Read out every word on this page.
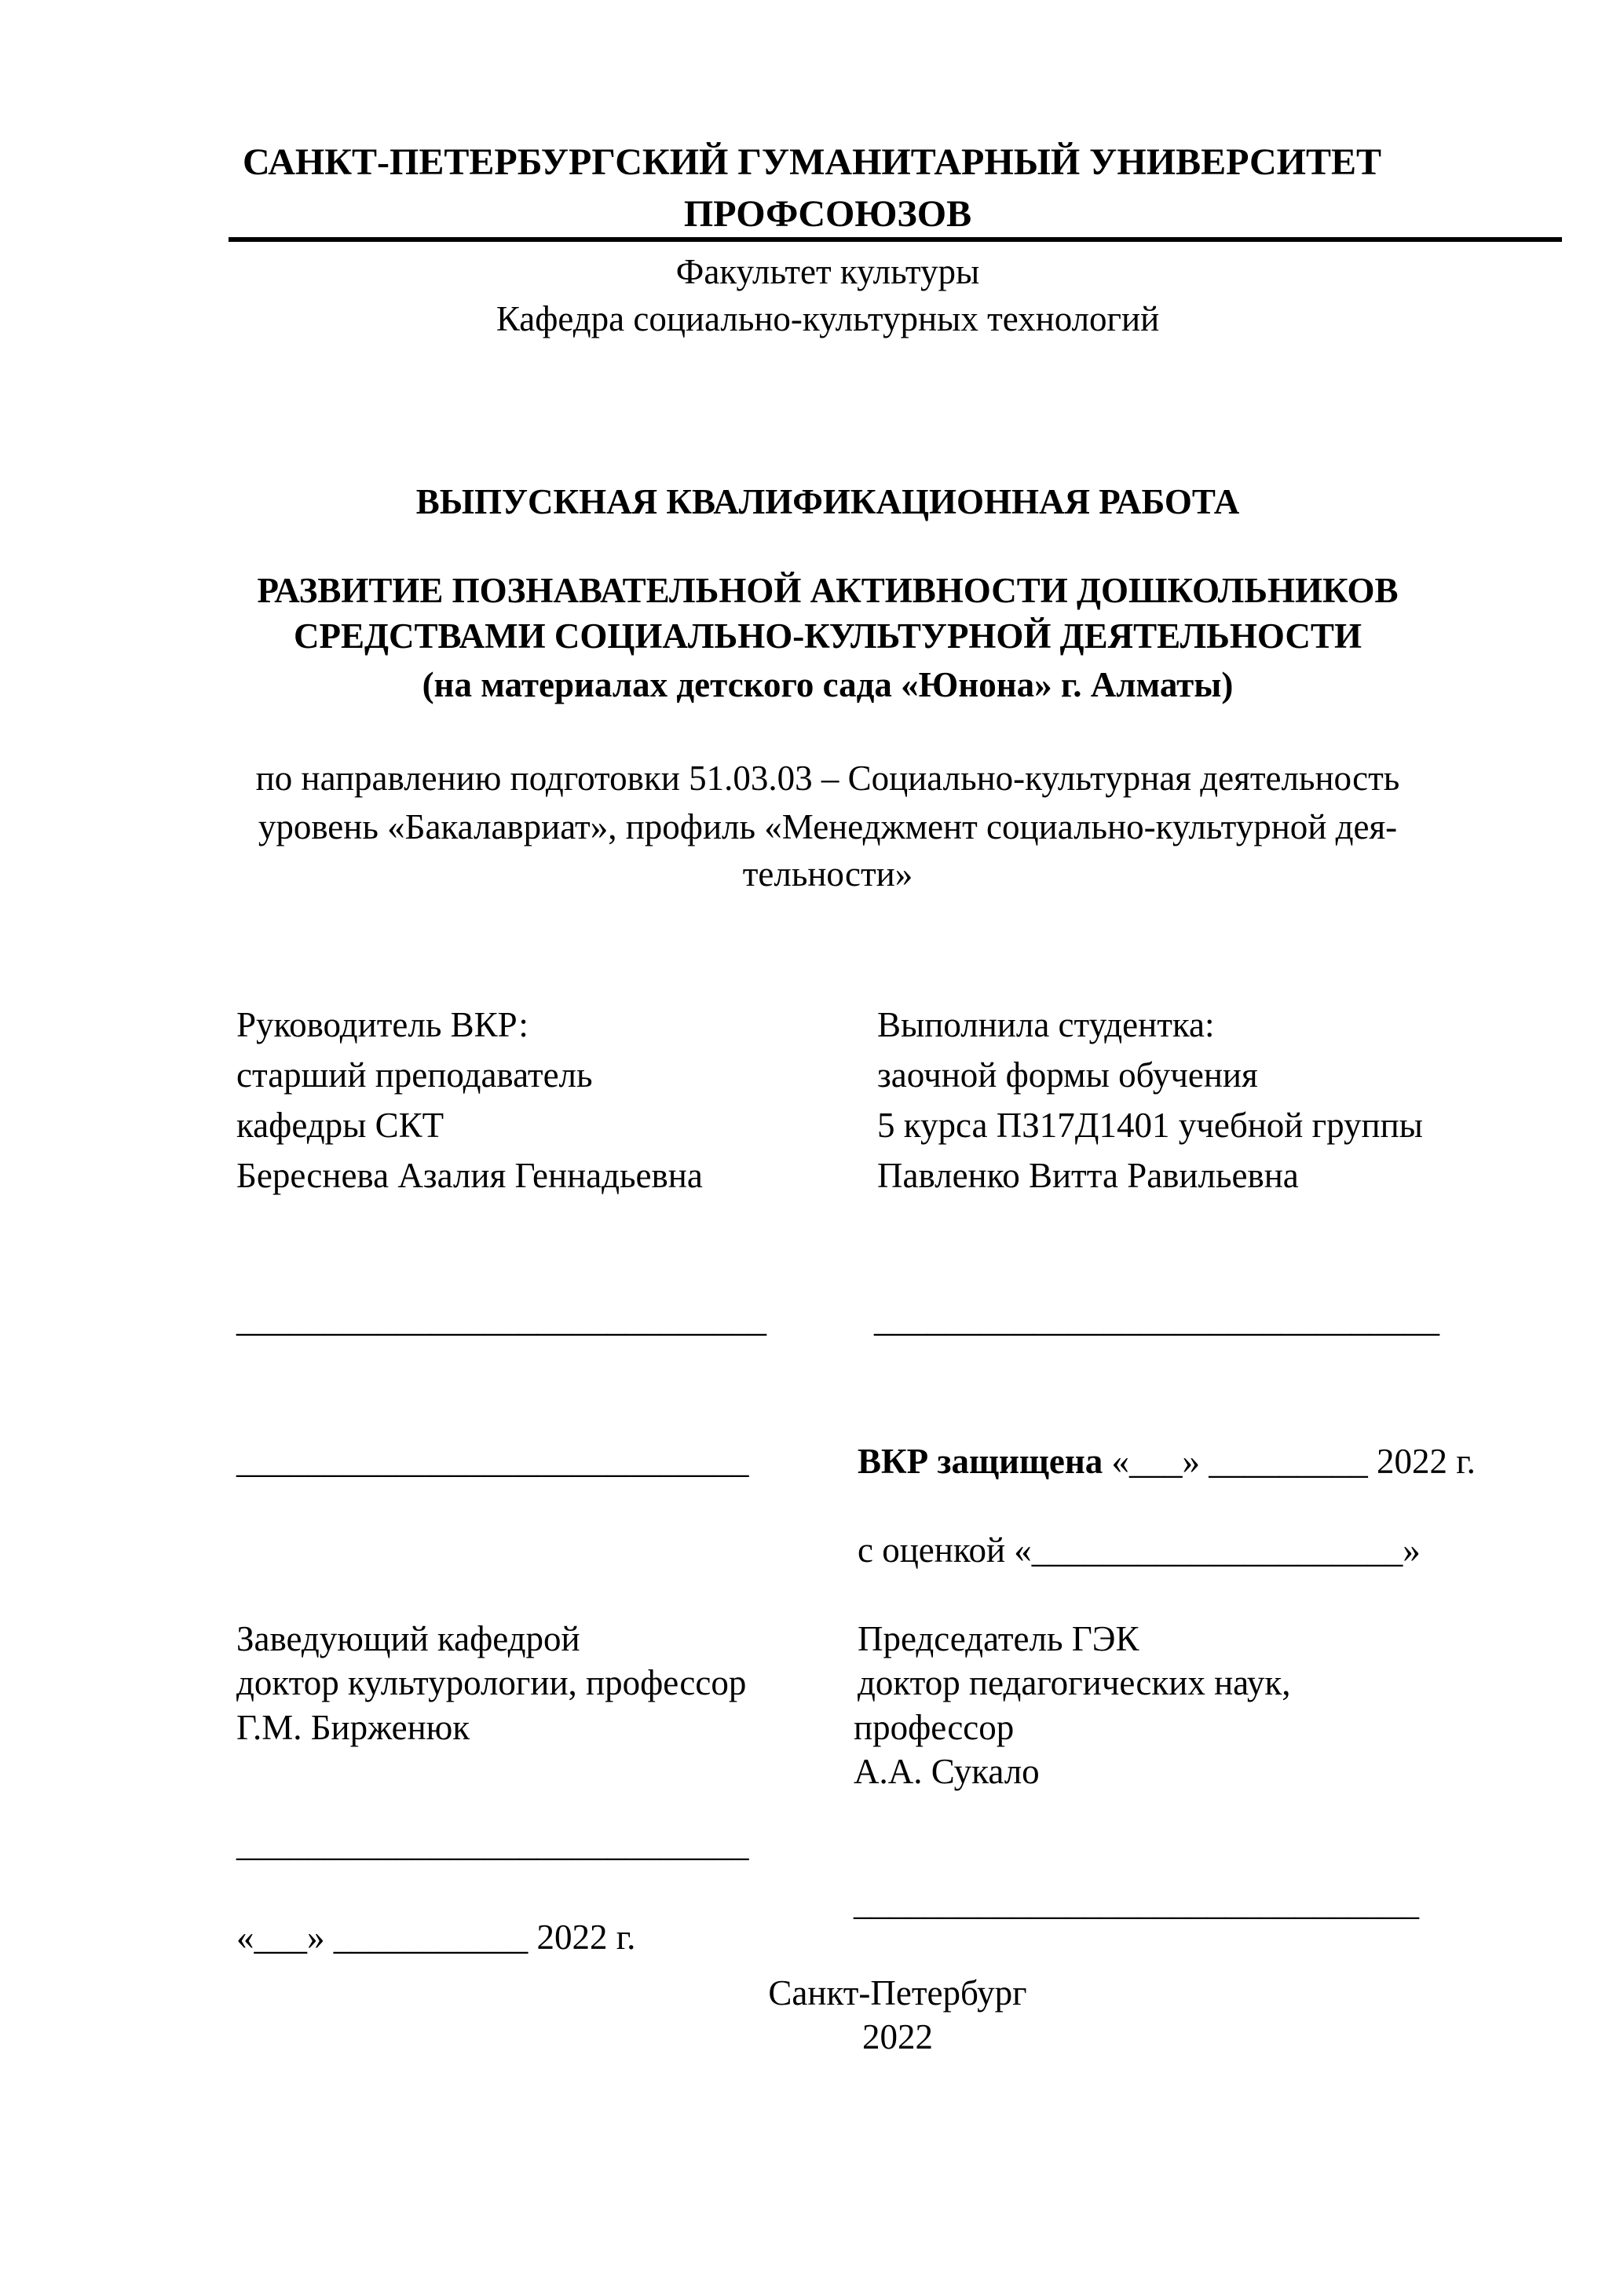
САНКТ-ПЕТЕРБУРГСКИЙ ГУМАНИТАРНЫЙ УНИВЕРСИТЕТ
ПРОФСОЮЗОВ
Факультет культуры
Кафедра социально-культурных технологий
ВЫПУСКНАЯ КВАЛИФИКАЦИОННАЯ РАБОТА
РАЗВИТИЕ ПОЗНАВАТЕЛЬНОЙ АКТИВНОСТИ ДОШКОЛЬНИКОВ
СРЕДСТВАМИ СОЦИАЛЬНО-КУЛЬТУРНОЙ ДЕЯТЕЛЬНОСТИ
(на материалах детского сада «Юнона» г. Алматы)
по направлению подготовки 51.03.03 – Социально-культурная деятельность
уровень «Бакалавриат», профиль «Менеджмент социально-культурной дея-
тельности»
Руководитель ВКР:
старший преподаватель
кафедры СКТ
Береснева Азалия Геннадьевна
Выполнила студентка:
заочной формы обучения
5 курса ПЗ17Д1401 учебной группы
Павленко Витта Равильевна
______________________________	________________________________
_____________________________	ВКР защищена «___» _________ 2022 г.
с оценкой «_____________________»
Заведующий кафедрой
доктор культурологии, профессор
Г.М. Бирженюк
Председатель ГЭК
доктор педагогических наук,
профессор
А.А. Сукало
_____________________________
________________________________
«___» ___________ 2022 г.
Санкт-Петербург
2022
